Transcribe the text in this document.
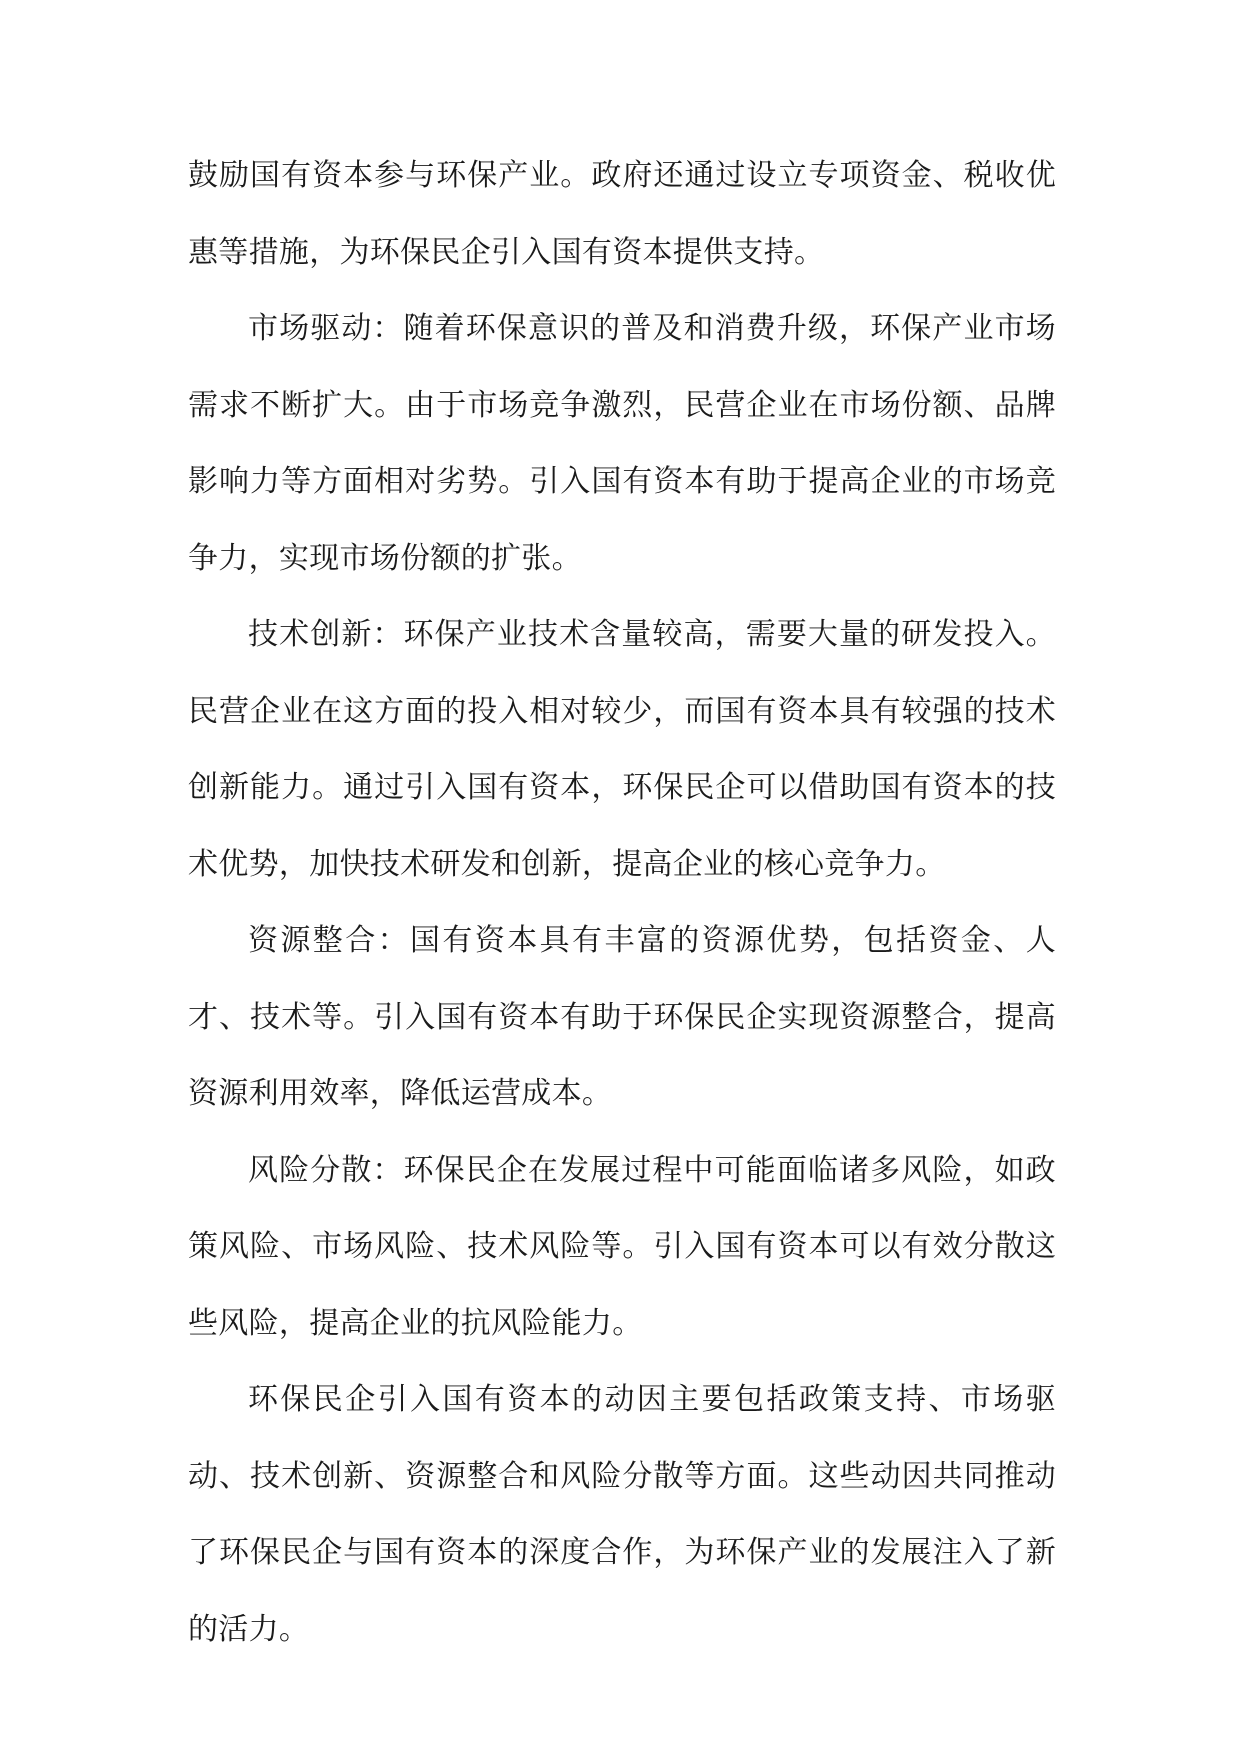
鼓励国有资本参与环保产业。政府还通过设立专项资金、税收优惠等措施，为环保民企引入国有资本提供支持。

市场驱动：随着环保意识的普及和消费升级，环保产业市场需求不断扩大。由于市场竞争激烈，民营企业在市场份额、品牌影响力等方面相对劣势。引入国有资本有助于提高企业的市场竞争力，实现市场份额的扩张。

技术创新：环保产业技术含量较高，需要大量的研发投入。民营企业在这方面的投入相对较少，而国有资本具有较强的技术创新能力。通过引入国有资本，环保民企可以借助国有资本的技术优势，加快技术研发和创新，提高企业的核心竞争力。

资源整合：国有资本具有丰富的资源优势，包括资金、人才、技术等。引入国有资本有助于环保民企实现资源整合，提高资源利用效率，降低运营成本。

风险分散：环保民企在发展过程中可能面临诸多风险，如政策风险、市场风险、技术风险等。引入国有资本可以有效分散这些风险，提高企业的抗风险能力。

环保民企引入国有资本的动因主要包括政策支持、市场驱动、技术创新、资源整合和风险分散等方面。这些动因共同推动了环保民企与国有资本的深度合作，为环保产业的发展注入了新的活力。
